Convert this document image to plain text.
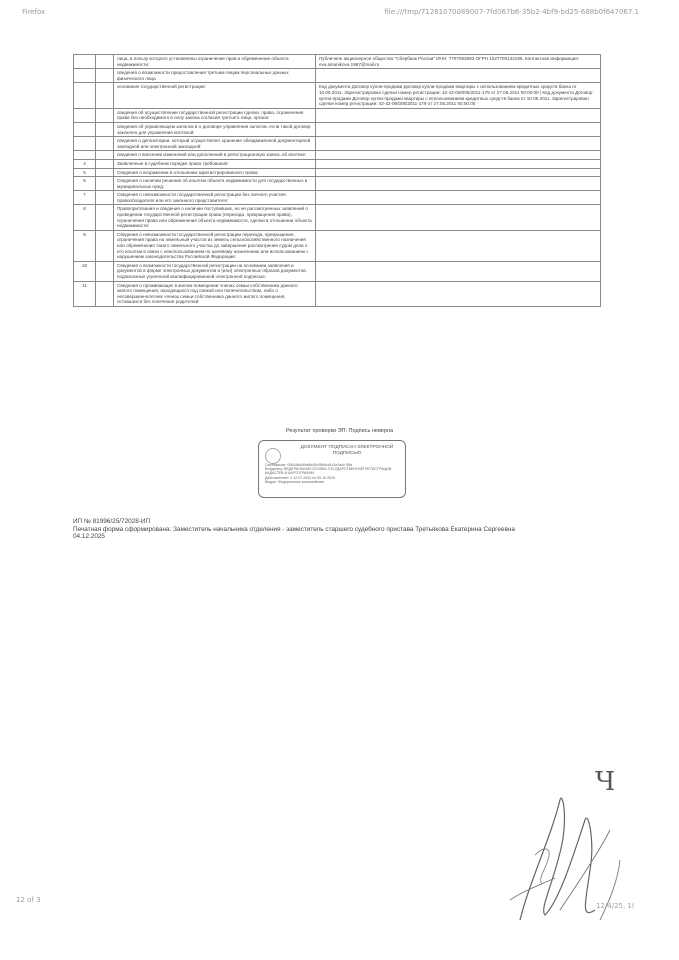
Firefox	file:///tmp/71281070089007-7fd067b6-35b2-4bf9-bd25-688b0f647067.1
		лица, в пользу которого установлены ограничение прав и обременение объекта недвижимости:	Публичное акционерное общество "Сбербанк России" ИНН: 7707083893 ОГРН 1027700132195. Контактная информация: eva.sinanikova.1967@mail.ru
		сведения о возможности предоставления третьим лицам персональных данных физического лица	
		основание государственной регистрации:	Код документа Договор купли-продажи Договор купли-продажи квартиры с использованием кредитных средств банка от 10.05.2011. Зарегистрирован сделки номер регистрации: 42-42-06/005/2011-179 от 27.05.2011 00:00:00 | Код документа Договор купли-продажи Договор купли-продажи квартиры с использованием кредитных средств банка от 10.05.2011. Зарегистрирован сделки номер регистрации: 42-42-06/005/2011-179 от 27.05.2011 00:00:00
		сведения об осуществлении государственной регистрации сделки, права, ограничения права без необходимого в силу закона согласия третьего лица, органа:	
		сведения об управляющем залогом и о договоре управления залогом, если такой договор заключен для управления ипотекой:	
		сведения о депозитарии, который осуществляет хранение обездвиженной документарной закладной или электронной закладной:	
		сведения о внесении изменений или дополнений в регистрационную запись об ипотеке:	
4		Заявленные в судебном порядке права требования:	
5		Сведения о возражении в отношении зарегистрированного права:	
6		Сведения о наличии решения об изъятии объекта недвижимости для государственных и муниципальных нужд:	
7		Сведения о невозможности государственной регистрации без личного участия правообладателя или его законного представителя:	
8		Правопритязания и сведения о наличии поступивших, но не рассмотренных заявлений о проведении государственной регистрации права (перехода, прекращения права), ограничения права или обременения объекта недвижимости, сделки в отношении объекта недвижимости:	
9		Сведения о невозможности государственной регистрации перехода, прекращения, ограничения права на земельный участок из земель сельскохозяйственного назначения или обременения такого земельного участка до завершения рассмотрения судом дела о его изъятии в связи с неиспользованием по целевому назначению или использованием с нарушением законодательства Российской Федерации:	
10		Сведения о возможности государственной регистрации на основании заявления и документов в форме электронных документов и (или) электронных образов документов, подписанных усиленной квалифицированной электронной подписью:	
11		Сведения о проживающих в жилом помещении членах семьи собственника данного жилого помещения, находящихся под опекой или попечительством, либо о несовершеннолетних членах семьи собственника данного жилого помещения, оставшихся без попечения родителей:	
Результат проверки ЭП: Подпись неверна
ДОКУМЕНТ ПОДПИСАН ЭЛЕКТРОННОЙ ПОДПИСЬЮ
Сертификат: 00b2d8c6f9a8d40c08b5cd1c3e3a4c7f6a
Владелец: ФЕДЕРАЛЬНАЯ СЛУЖБА ГОСУДАРСТВЕННОЙ РЕГИСТРАЦИИ, КАДАСТРА И КАРТОГРАФИИ
Действителен: с 12.07.2024 по 05.10.2025
Выдан: Федеральное казначейство
ИП № 81996/25/72028-ИП
Печатная форма сформирована: Заместитель начальника отделения - заместитель старшего судебного пристава Третьякова Екатерина Сергеевна
04.12.2025
Ч
12 of 3
12/4/25, 1(
